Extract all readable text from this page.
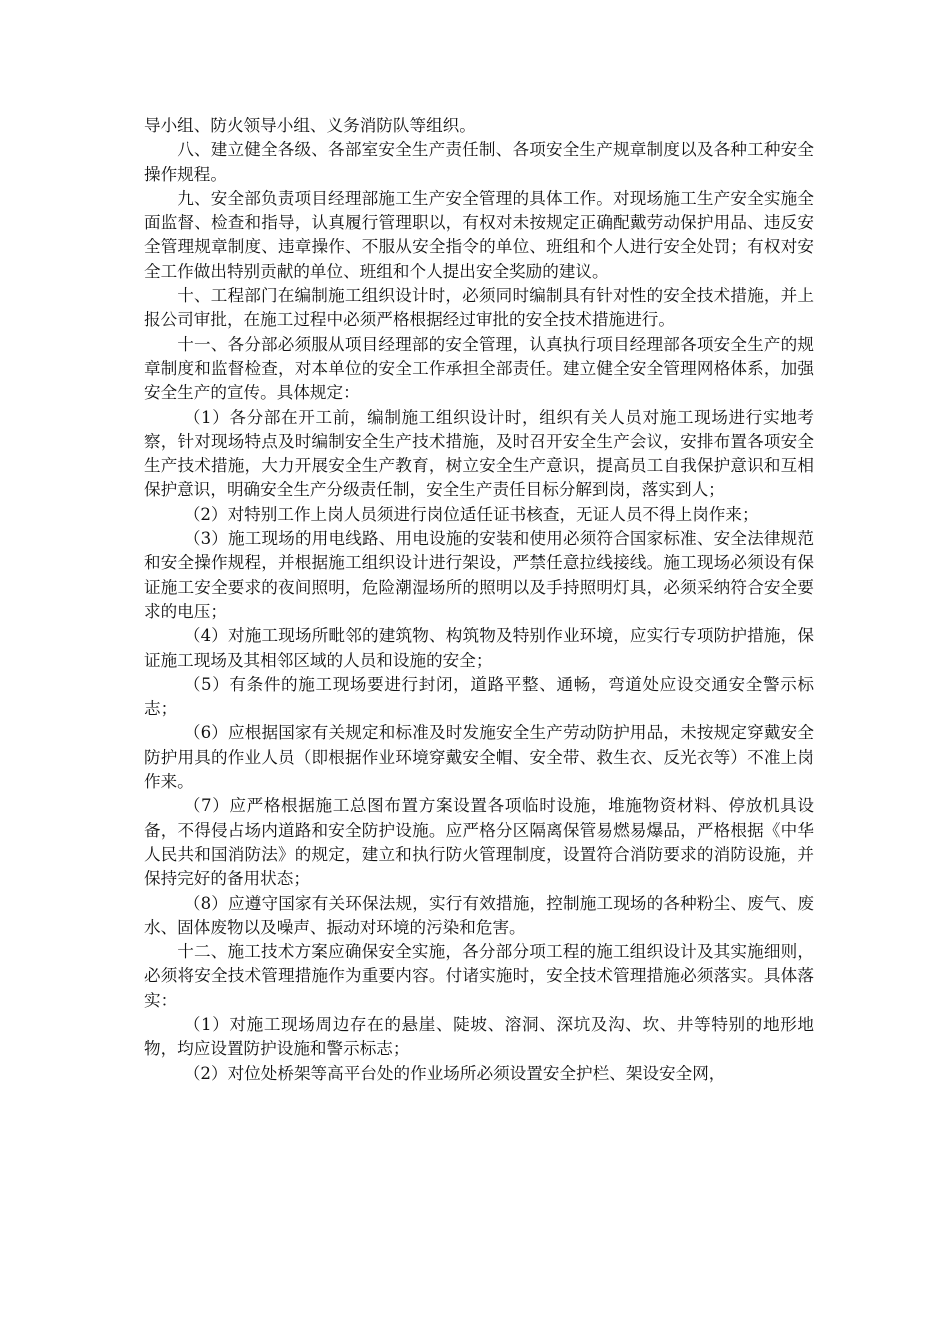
导小组、防火领导小组、义务消防队等组织。

八、建立健全各级、各部室安全生产责任制、各项安全生产规章制度以及各种工种安全操作规程。

九、安全部负责项目经理部施工生产安全管理的具体工作。对现场施工生产安全实施全面监督、检查和指导，认真履行管理职以，有权对未按规定正确配戴劳动保护用品、违反安全管理规章制度、违章操作、不服从安全指令的单位、班组和个人进行安全处罚；有权对安全工作做出特别贡献的单位、班组和个人提出安全奖励的建议。

十、工程部门在编制施工组织设计时，必须同时编制具有针对性的安全技术措施，并上报公司审批，在施工过程中必须严格根据经过审批的安全技术措施进行。

十一、各分部必须服从项目经理部的安全管理，认真执行项目经理部各项安全生产的规章制度和监督检查，对本单位的安全工作承担全部责任。建立健全安全管理网格体系，加强安全生产的宣传。具体规定：

（1）各分部在开工前，编制施工组织设计时，组织有关人员对施工现场进行实地考察，针对现场特点及时编制安全生产技术措施，及时召开安全生产会议，安排布置各项安全生产技术措施，大力开展安全生产教育，树立安全生产意识，提高员工自我保护意识和互相保护意识，明确安全生产分级责任制，安全生产责任目标分解到岗，落实到人；

（2）对特别工作上岗人员须进行岗位适任证书核查，无证人员不得上岗作来；

（3）施工现场的用电线路、用电设施的安装和使用必须符合国家标准、安全法律规范和安全操作规程，并根据施工组织设计进行架设，严禁任意拉线接线。施工现场必须设有保证施工安全要求的夜间照明，危险潮湿场所的照明以及手持照明灯具，必须采纳符合安全要求的电压；

（4）对施工现场所毗邻的建筑物、构筑物及特别作业环境，应实行专项防护措施，保证施工现场及其相邻区域的人员和设施的安全；

（5）有条件的施工现场要进行封闭，道路平整、通畅，弯道处应设交通安全警示标志；

（6）应根据国家有关规定和标准及时发施安全生产劳动防护用品，未按规定穿戴安全防护用具的作业人员（即根据作业环境穿戴安全帽、安全带、救生衣、反光衣等）不准上岗作来。

（7）应严格根据施工总图布置方案设置各项临时设施，堆施物资材料、停放机具设备，不得侵占场内道路和安全防护设施。应严格分区隔离保管易燃易爆品，严格根据《中华人民共和国消防法》的规定，建立和执行防火管理制度，设置符合消防要求的消防设施，并保持完好的备用状态；

（8）应遵守国家有关环保法规，实行有效措施，控制施工现场的各种粉尘、废气、废水、固体废物以及噪声、振动对环境的污染和危害。

十二、施工技术方案应确保安全实施，各分部分项工程的施工组织设计及其实施细则，必须将安全技术管理措施作为重要内容。付诸实施时，安全技术管理措施必须落实。具体落实：

（1）对施工现场周边存在的悬崖、陡坡、溶洞、深坑及沟、坎、井等特别的地形地物，均应设置防护设施和警示标志；

（2）对位处桥架等高平台处的作业场所必须设置安全护栏、架设安全网，
